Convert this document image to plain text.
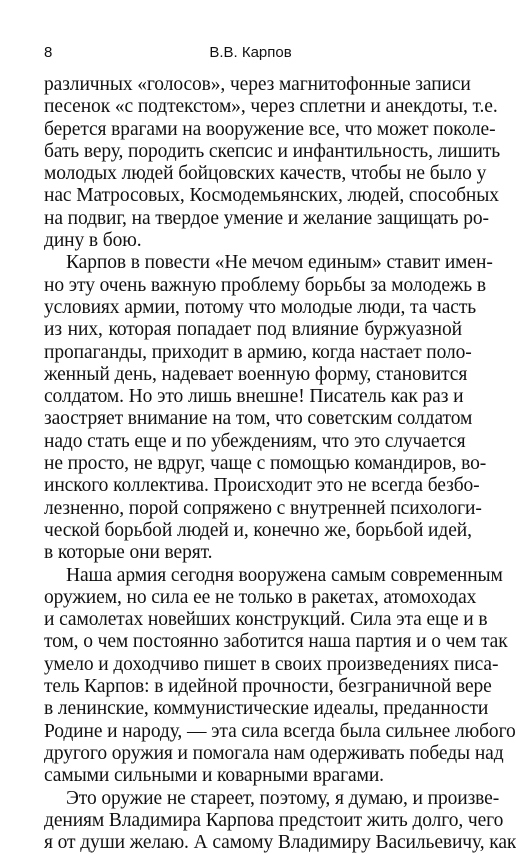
8	В.В. Карпов
различных «голосов», через магнитофонные записи
песенок «с подтекстом», через сплетни и анекдоты, т.е.
берется врагами на вооружение все, что может поколе-
бать веру, породить скепсис и инфантильность, лишить
молодых людей бойцовских качеств, чтобы не было у
нас Матросовых, Космодемьянских, людей, способных
на подвиг, на твердое умение и желание защищать ро-
дину в бою.
Карпов в повести «Не мечом единым» ставит имен-
но эту очень важную проблему борьбы за молодежь в
условиях армии, потому что молодые люди, та часть
из них, которая попадает под влияние буржуазной
пропаганды, приходит в армию, когда настает поло-
женный день, надевает военную форму, становится
солдатом. Но это лишь внешне! Писатель как раз и
заостряет внимание на том, что советским солдатом
надо стать еще и по убеждениям, что это случается
не просто, не вдруг, чаще с помощью командиров, во-
инского коллектива. Происходит это не всегда безбо-
лезненно, порой сопряжено с внутренней психологи-
ческой борьбой людей и, конечно же, борьбой идей,
в которые они верят.
Наша армия сегодня вооружена самым современным
оружием, но сила ее не только в ракетах, атомоходах
и самолетах новейших конструкций. Сила эта еще и в
том, о чем постоянно заботится наша партия и о чем так
умело и доходчиво пишет в своих произведениях писа-
тель Карпов: в идейной прочности, безграничной вере
в ленинские, коммунистические идеалы, преданности
Родине и народу, — эта сила всегда была сильнее любого
другого оружия и помогала нам одерживать победы над
самыми сильными и коварными врагами.
Это оружие не стареет, поэтому, я думаю, и произве-
дениям Владимира Карпова предстоит жить долго, чего
я от души желаю. А самому Владимиру Васильевичу, как
